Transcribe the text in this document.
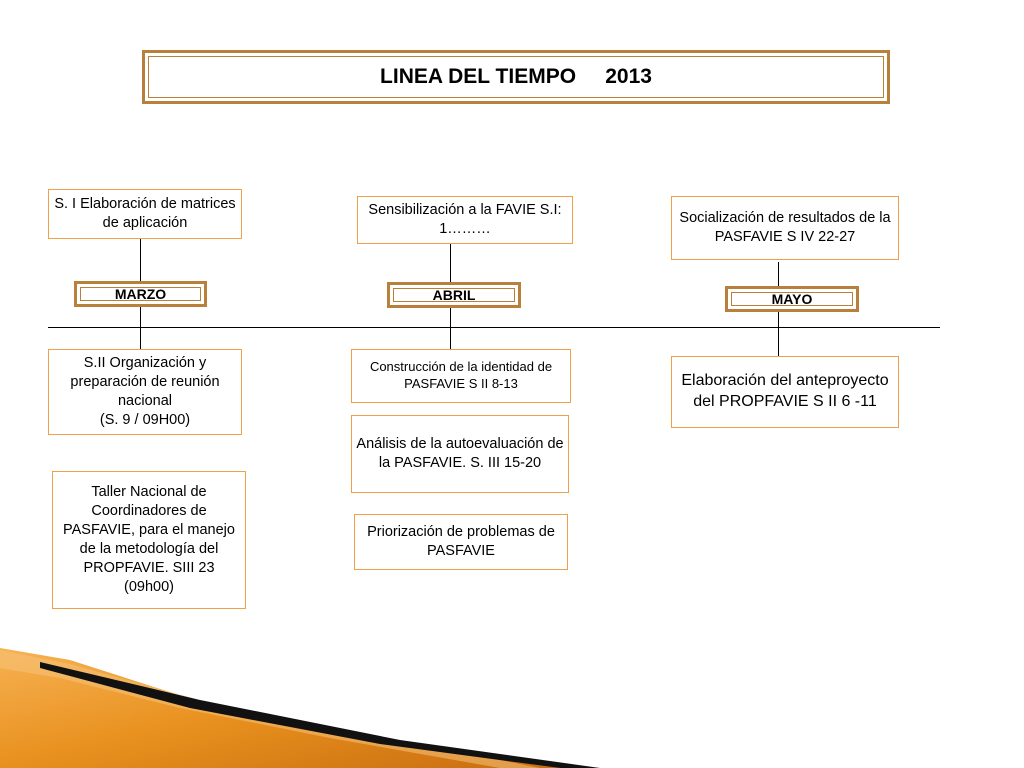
LINEA DEL TIEMPO     2013
S. I Elaboración de matrices de aplicación
MARZO
S.II Organización y preparación de reunión nacional
(S. 9 / 09H00)
Taller Nacional de Coordinadores de PASFAVIE, para el manejo de la metodología del PROPFAVIE. SIII 23 (09h00)
Sensibilización a la FAVIE S.I: 1………
ABRIL
Construcción de la identidad de PASFAVIE S II 8-13
Análisis de la autoevaluación de la PASFAVIE. S. III 15-20
Priorización de problemas de PASFAVIE
Socialización de resultados de la PASFAVIE S IV 22-27
MAYO
Elaboración del anteproyecto del PROPFAVIE S II 6 -11
